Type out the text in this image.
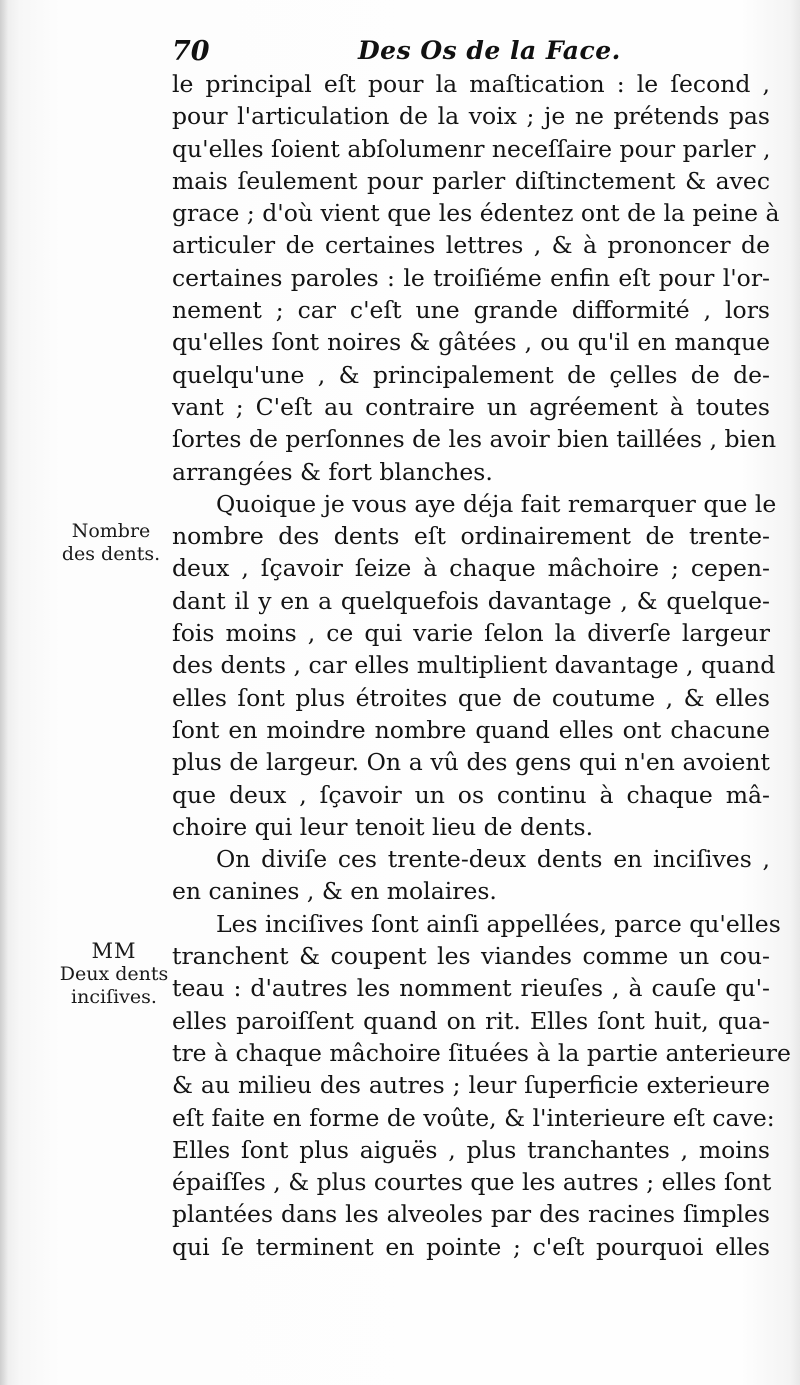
70	Des Os de la Face.
le principal eſt pour la maſtication : le ſecond ,
pour l'articulation de la voix ; je ne prétends pas
qu'elles ſoient abſolumenr neceſſaire pour parler ,
mais ſeulement pour parler diſtinctement & avec
grace ; d'où vient que les édentez ont de la peine à
articuler de certaines lettres , & à prononcer de
certaines paroles : le troiſiéme enfin eſt pour l'or-
nement ; car c'eſt une grande difformité , lors
qu'elles ſont noires & gâtées , ou qu'il en manque
quelqu'une , & principalement de çelles de de-
vant ; C'eſt au contraire un agréement à toutes
ſortes de perſonnes de les avoir bien taillées , bien
arrangées & fort blanches.
Quoique je vous aye déja fait remarquer que le
nombre des dents eſt ordinairement de trente-
deux , ſçavoir ſeize à chaque mâchoire ; cepen-
dant il y en a quelquefois davantage , & quelque-
fois moins , ce qui varie ſelon la diverſe largeur
des dents , car elles multiplient davantage , quand
elles ſont plus étroites que de coutume , & elles
ſont en moindre nombre quand elles ont chacune
plus de largeur. On a vû des gens qui n'en avoient
que deux , ſçavoir un os continu à chaque mâ-
choire qui leur tenoit lieu de dents.
On diviſe ces trente-deux dents en inciſives ,
en canines , & en molaires.
Les inciſives ſont ainſi appellées, parce qu'elles
tranchent & coupent les viandes comme un cou-
teau : d'autres les nomment rieuſes , à cauſe qu'-
elles paroiſſent quand on rit. Elles ſont huit, qua-
tre à chaque mâchoire ſituées à la partie anterieure
& au milieu des autres ; leur ſuperficie exterieure
eſt faite en forme de voûte, & l'interieure eſt cave:
Elles ſont plus aiguës , plus tranchantes , moins
épaiſſes , & plus courtes que les autres ; elles ſont
plantées dans les alveoles par des racines ſimples
qui ſe terminent en pointe ; c'eſt pourquoi elles
Nombre
des dents.
MM
Deux dents
inciſives.
